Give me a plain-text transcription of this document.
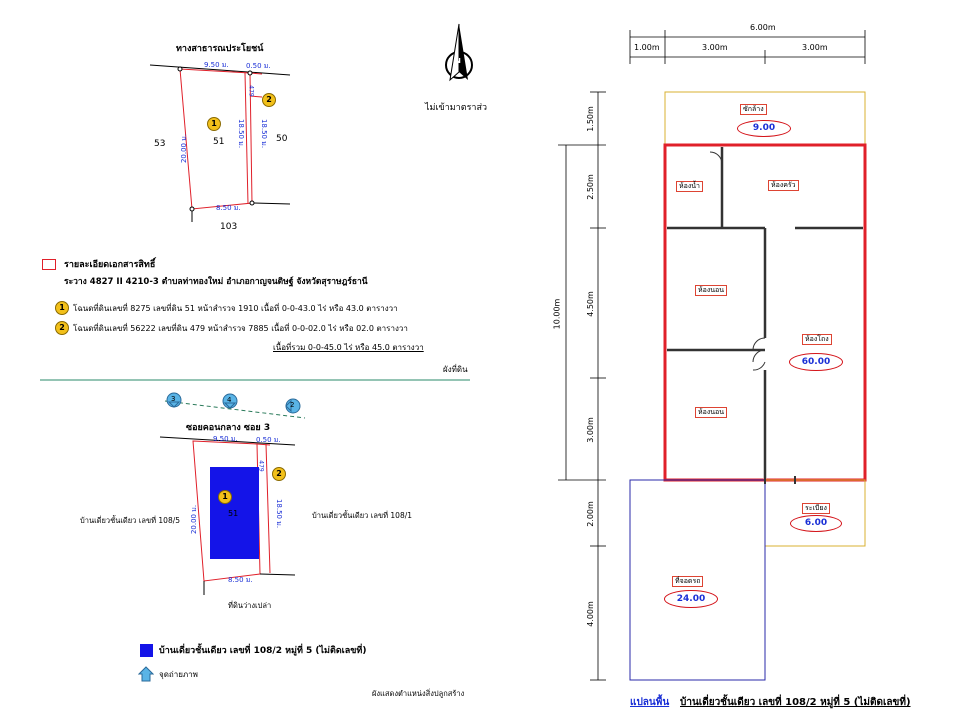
N
ไม่เข้ามาตราส่ว
ทางสาธารณประโยชน์
9.50 ม. 0.50 ม.
8.50 ม.
20.00 ม.
18.50 ม. 18.50 ม.
479
51
53	50
103
1
2
รายละเอียดเอกสารสิทธิ์
ระวาง 4827 II 4210-3 ตำบลท่าทองใหม่ อำเภอกาญจนดิษฐ์ จังหวัดสุราษฎร์ธานี
1	โฉนดที่ดินเลขที่ 8275 เลขที่ดิน 51 หน้าสำรวจ 1910 เนื้อที่ 0-0-43.0 ไร่ หรือ 43.0 ตารางวา
2	โฉนดที่ดินเลขที่ 56222 เลขที่ดิน 479 หน้าสำรวจ 7885 เนื้อที่ 0-0-02.0 ไร่ หรือ 02.0 ตารางวา
เนื้อที่รวม 0-0-45.0 ไร่ หรือ 45.0 ตารางวา
ผังที่ดิน
ซอยคอนกลาง ซอย 3
9.50 ม.	0.50 ม.
8.50 ม.
20.00 ม.	18.50 ม.
479
51
บ้านเดี่ยวชั้นเดียว เลขที่ 108/5
บ้านเดี่ยวชั้นเดียว เลขที่ 108/1
ที่ดินว่างเปล่า
1
2
3	4
2
บ้านเดี่ยวชั้นเดียว เลขที่ 108/2 หมู่ที่ 5 (ไม่ติดเลขที่)
จุดถ่ายภาพ
ผังแสดงตำแหน่งสิ่งปลูกสร้าง
6.00m
1.00m	3.00m	3.00m
1.50m
2.50m
4.50m
3.00m
10.00m
2.00m
4.00m
ซักล้าง
9.00
ห้องน้ำ	ห้องครัว
ห้องนอน
ห้องนอน
ห้องโถง
60.00
ระเบียง
6.00
ที่จอดรถ
24.00
แปลนพื้น บ้านเดี่ยวชั้นเดียว เลขที่ 108/2 หมู่ที่ 5 (ไม่ติดเลขที่)
